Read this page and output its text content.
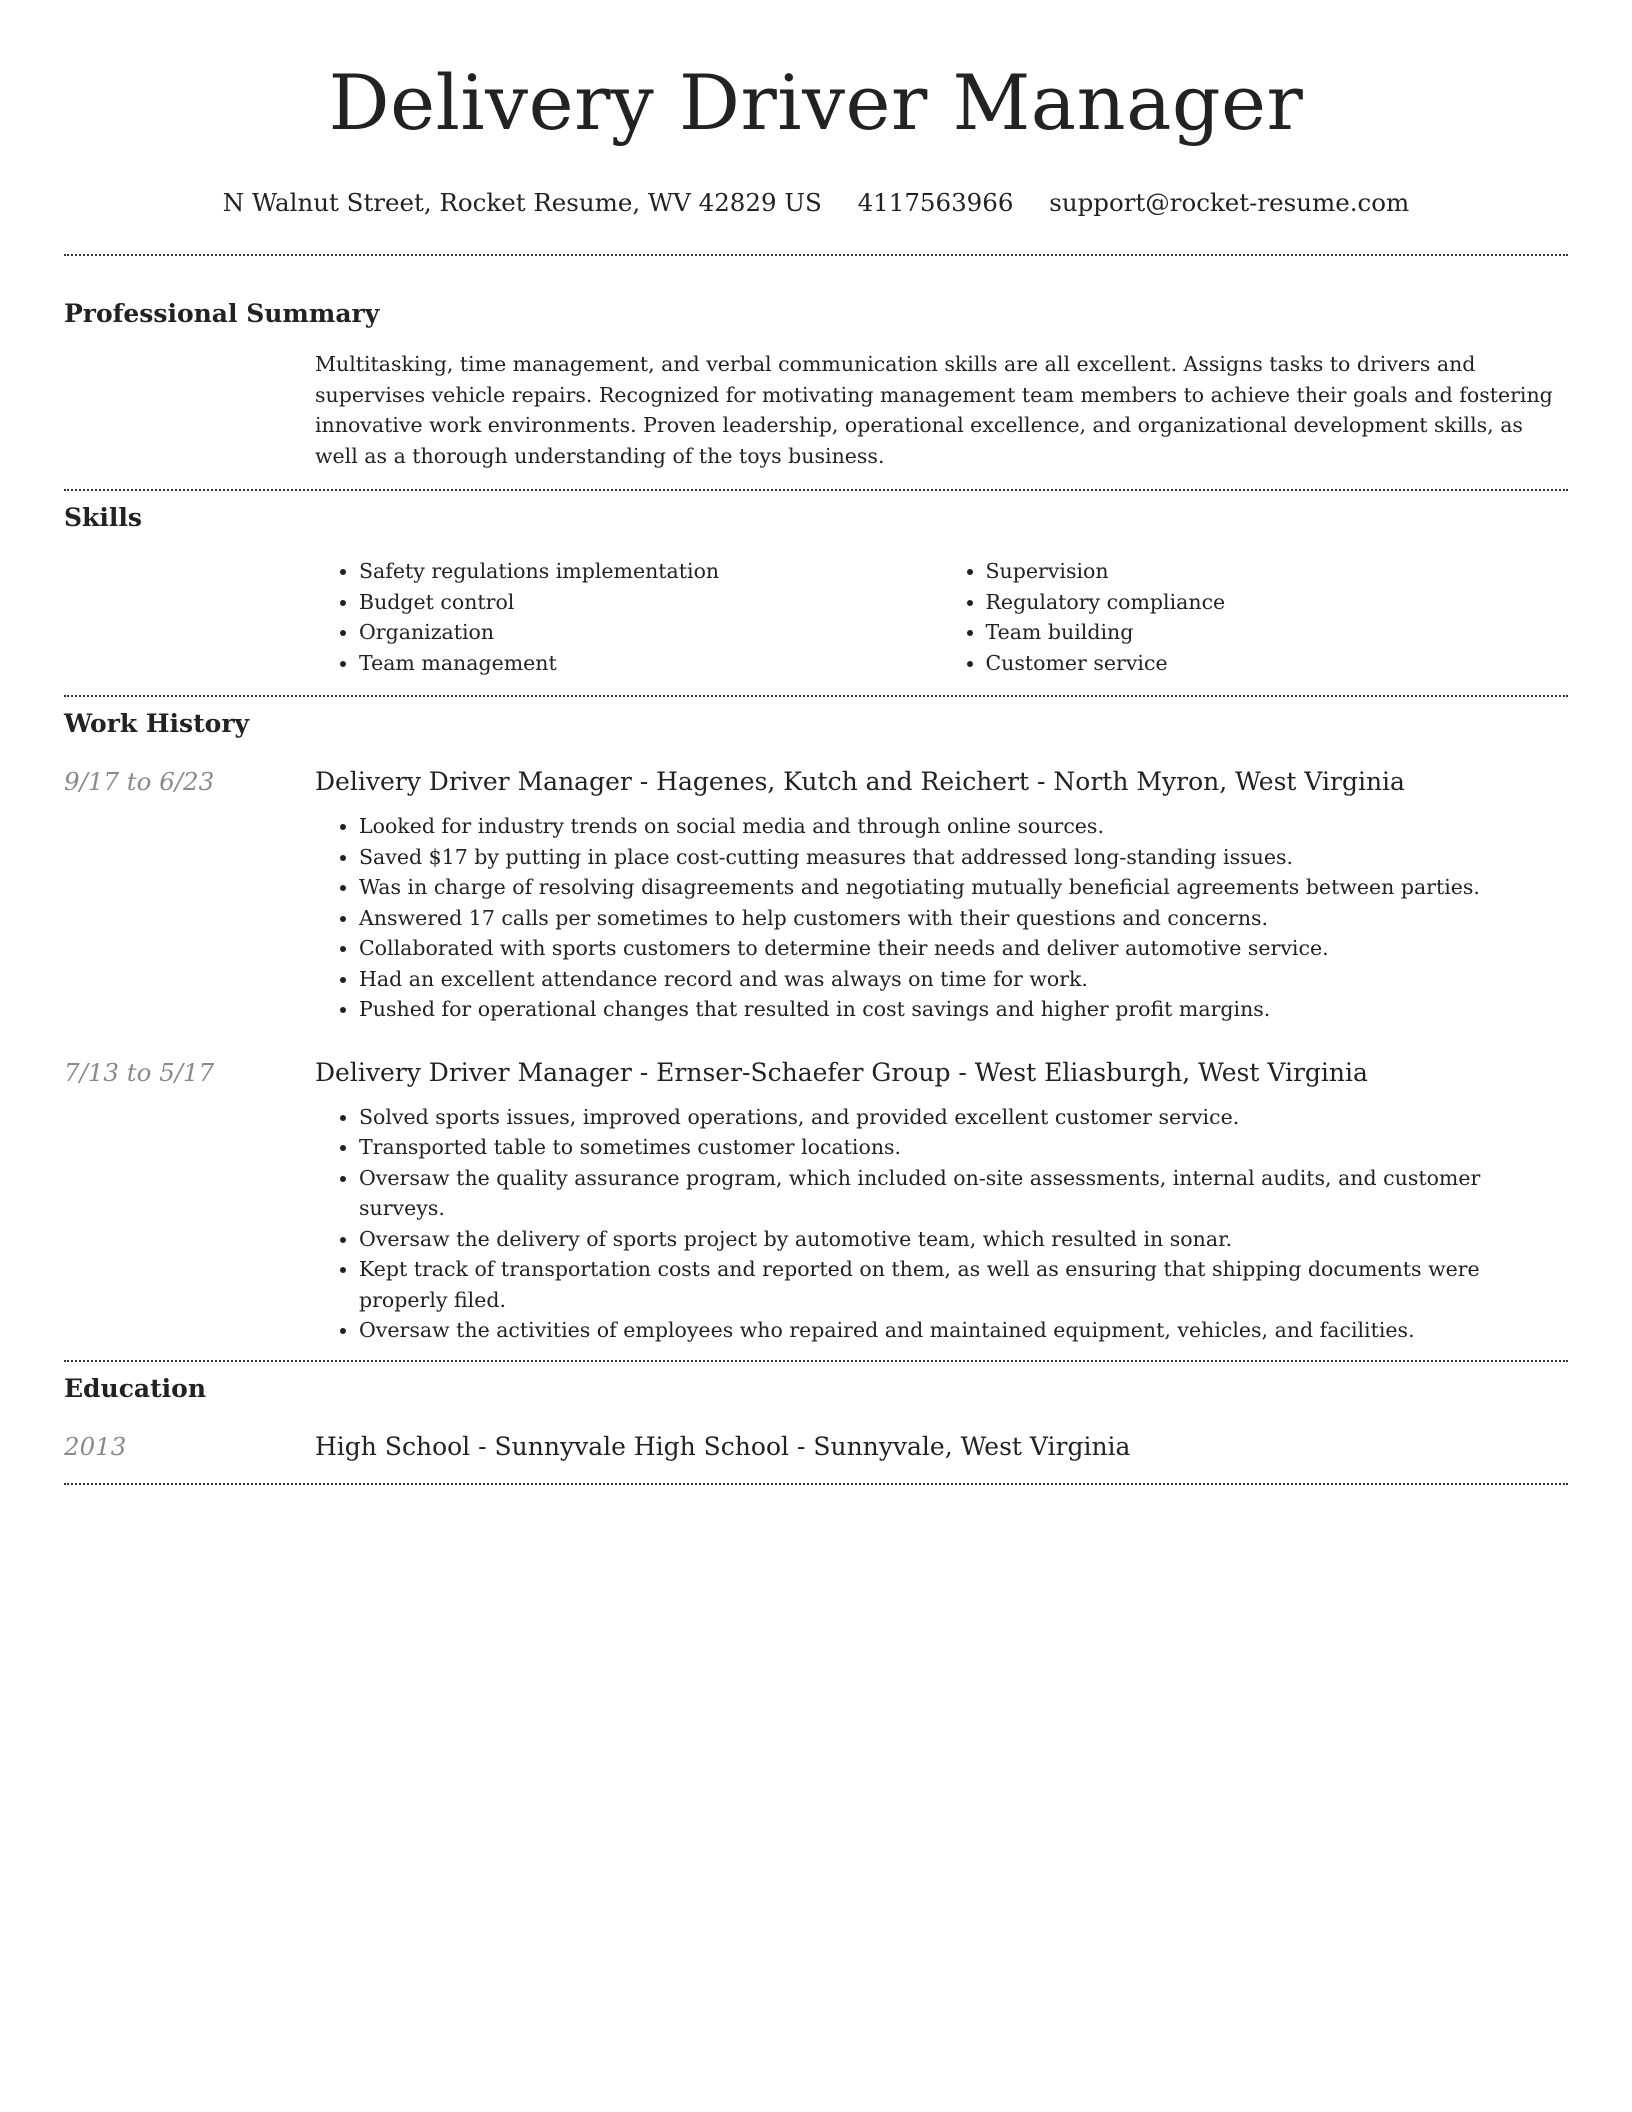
Delivery Driver Manager
N Walnut Street, Rocket Resume, WV 42829 US 4117563966 support@rocket-resume.com
Professional Summary

Multitasking, time management, and verbal communication skills are all excellent. Assigns tasks to drivers and supervises vehicle repairs. Recognized for motivating management team members to achieve their goals and fostering innovative work environments. Proven leadership, operational excellence, and organizational development skills, as well as a thorough understanding of the toys business.

Skills
• Safety regulations implementation
• Budget control
• Organization
• Team management
• Supervision
• Regulatory compliance
• Team building
• Customer service
Work History
9/17 to 6/23	Delivery Driver Manager - Hagenes, Kutch and Reichert - North Myron, West Virginia
• Looked for industry trends on social media and through online sources.
• Saved $17 by putting in place cost-cutting measures that addressed long-standing issues.
• Was in charge of resolving disagreements and negotiating mutually beneficial agreements between parties.
• Answered 17 calls per sometimes to help customers with their questions and concerns.
• Collaborated with sports customers to determine their needs and deliver automotive service.
• Had an excellent attendance record and was always on time for work.
• Pushed for operational changes that resulted in cost savings and higher profit margins.
7/13 to 5/17	Delivery Driver Manager - Ernser-Schaefer Group - West Eliasburgh, West Virginia
• Solved sports issues, improved operations, and provided excellent customer service.
• Transported table to sometimes customer locations.
• Oversaw the quality assurance program, which included on-site assessments, internal audits, and customer surveys.
• Oversaw the delivery of sports project by automotive team, which resulted in sonar.
• Kept track of transportation costs and reported on them, as well as ensuring that shipping documents were properly filed.
• Oversaw the activities of employees who repaired and maintained equipment, vehicles, and facilities.
Education
2013	High School - Sunnyvale High School - Sunnyvale, West Virginia
